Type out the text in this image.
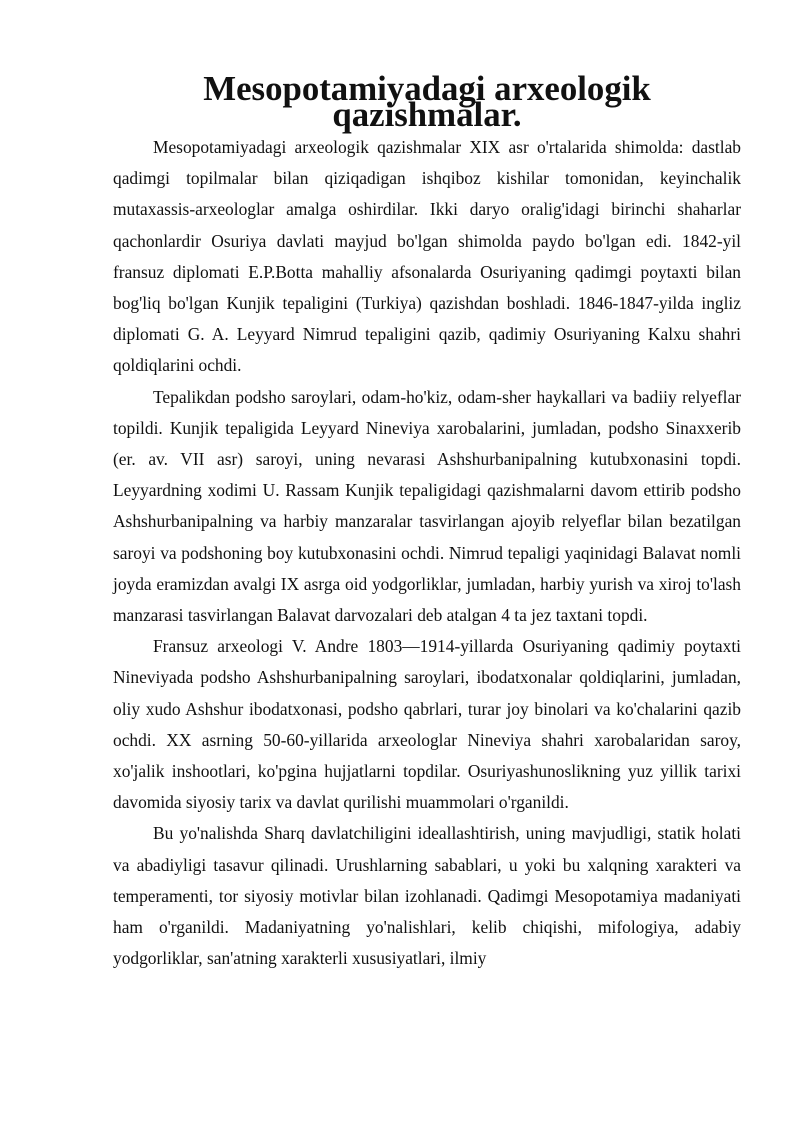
Mesopotamiyadagi arxeologik qazishmalar.

Mesopotamiyadagi arxeologik qazishmalar XIX asr o'rtalarida shimolda: dastlab qadimgi topilmalar bilan qiziqadigan ishqiboz kishilar tomonidan, keyinchalik mutaxassis-arxeologlar amalga oshirdilar. Ikki daryo oralig'idagi birinchi shaharlar qachonlardir Osuriya davlati mayjud bo'lgan shimolda paydo bo'lgan edi. 1842-yil fransuz diplomati E.P.Botta mahalliy afsonalarda Osuriyaning qadimgi poytaxti bilan bog'liq bo'lgan Kunjik tepaligini (Turkiya) qazishdan boshladi. 1846-1847-yilda ingliz diplomati G. A. Leyyard Nimrud tepaligini qazib, qadimiy Osuriyaning Kalxu shahri qoldiqlarini ochdi.

Tepalikdan podsho saroylari, odam-ho'kiz, odam-sher haykallari va badiiy relyeflar topildi. Kunjik tepaligida Leyyard Nineviya xarobalarini, jumladan, podsho Sinaxxerib (er. av. VII asr) saroyi, uning nevarasi Ashshurbanipalning kutubxonasini topdi. Leyyardning xodimi U. Rassam Kunjik tepaligidagi qazishmalarni davom ettirib podsho Ashshurbanipalning va harbiy manzaralar tasvirlangan ajoyib relyeflar bilan bezatilgan saroyi va podshoning boy kutubxonasini ochdi. Nimrud tepaligi yaqinidagi Balavat nomli joyda eramizdan avalgi IX asrga oid yodgorliklar, jumladan, harbiy yurish va xiroj to'lash manzarasi tasvirlangan Balavat darvozalari deb atalgan 4 ta jez taxtani topdi.

Fransuz arxeologi V. Andre 1803—1914-yillarda Osuriyaning qadimiy poytaxti Nineviyada podsho Ashshurbanipalning saroylari, ibodatxonalar qoldiqlarini, jumladan, oliy xudo Ashshur ibodatxonasi, podsho qabrlari, turar joy binolari va ko'chalarini qazib ochdi. XX asrning 50-60-yillarida arxeologlar Nineviya shahri xarobalaridan saroy, xo'jalik inshootlari, ko'pgina hujjatlarni topdilar. Osuriyashunoslikning yuz yillik tarixi davomida siyosiy tarix va davlat qurilishi muammolari o'rganildi.

Bu yo'nalishda Sharq davlatchiligini ideallashtirish, uning mavjudligi, statik holati va abadiyligi tasavur qilinadi. Urushlarning sabablari, u yoki bu xalqning xarakteri va temperamenti, tor siyosiy motivlar bilan izohlanadi. Qadimgi Mesopotamiya madaniyati ham o'rganildi. Madaniyatning yo'nalishlari, kelib chiqishi, mifologiya, adabiy yodgorliklar, san'atning xarakterli xususiyatlari, ilmiy
